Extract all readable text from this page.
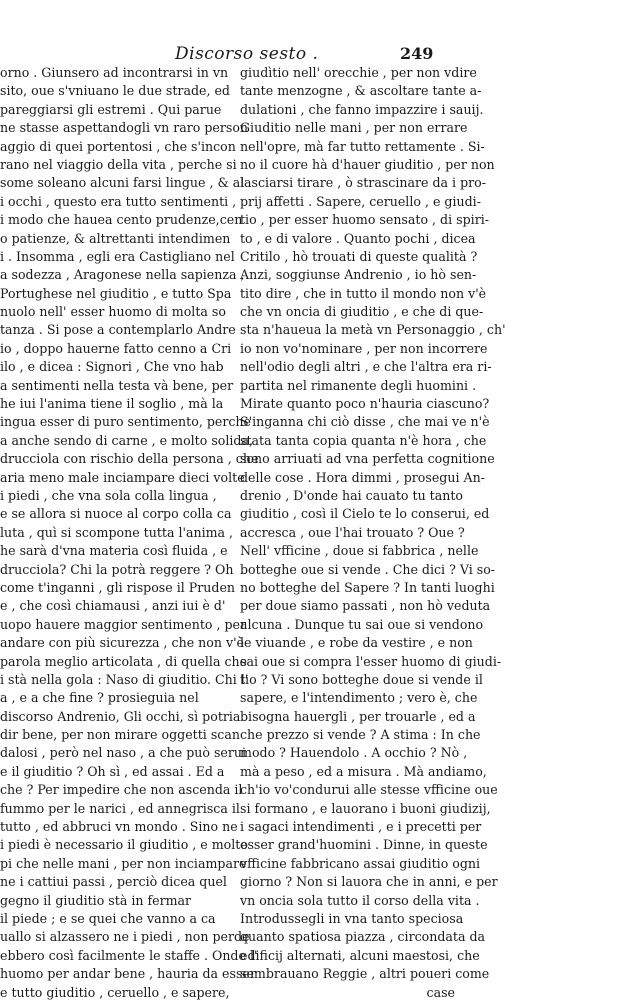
Discorso sesto .	249
orno . Giunsero ad incontrarsi in vn
sito, oue s'vniuano le due strade, ed
pareggiarsi gli estremi . Qui parue
ne stasse aspettandogli vn raro person
aggio di quei portentosi , che s'incon
rano nel viaggio della vita , perche si
some soleano alcuni farsi lingue , & al
i occhi , questo era tutto sentimenti ,
i modo che hauea cento prudenze,cen
o patienze, & altrettanti intendimen
i . Insomma , egli era Castigliano nel
a sodezza , Aragonese nella sapienza ,
Portughese nel giuditio , e tutto Spa
nuolo nell' esser huomo di molta so
tanza . Si pose a contemplarlo Andre
io , doppo hauerne fatto cenno a Cri
ilo , e dicea : Signori , Che vno hab
a sentimenti nella testa và bene, per
he iui l'anima tiene il soglio , mà la
ingua esser di puro sentimento, perche
a anche sendo di carne , e molto solida,
drucciola con rischio della persona , che
aria meno male inciampare dieci volte
i piedi , che vna sola colla lingua ,
e se allora si nuoce al corpo colla ca
luta , quì si scompone tutta l'anima ,
he sarà d'vna materia così fluida , e
drucciola? Chi la potrà reggere ? Oh
come t'inganni , gli rispose il Pruden
e , che così chiamausi , anzi iui è d'
uopo hauere maggior sentimento , per
andare con più sicurezza , che non v'è
parola meglio articolata , di quella che
i stà nella gola : Naso di giuditio. Chi l'
a , e a che fine ? prosieguia nel
discorso Andrenio, Gli occhi, sì potria
dir bene, per non mirare oggetti scan
dalosi , però nel naso , a che può serui
e il giuditio ? Oh sì , ed assai . Ed a
che ? Per impedire che non ascenda il
fummo per le narici , ed annegrisca il
tutto , ed abbruci vn mondo . Sino ne
i piedi è necessario il giuditio , e molto
pi che nelle mani , per non inciampare
ne i cattiui passi , perciò dicea quel
gegno il giuditio stà in fermar
il piede ; e se quei che vanno a ca
uallo si alzassero ne i piedi , non perde
ebbero così facilmente le staffe . Onde l'
huomo per andar bene , hauria da esser
e tutto giuditio , ceruello , e sapere,
giudìtio nell' orecchie , per non vdire
tante menzogne , & ascoltare tante a-
dulationi , che fanno impazzire i sauij.
Giuditio nelle mani , per non errare
nell'opre, mà far tutto rettamente . Si-
no il cuore hà d'hauer giuditio , per non
lasciarsi tirare , ò strascinare da i pro-
prij affetti . Sapere, ceruello , e giudi-
tio , per esser huomo sensato , di spiri-
to , e di valore . Quanto pochi , dicea
Critilo , hò trouati di queste qualità ?
Anzi, soggiunse Andrenio , io hò sen-
tito dire , che in tutto il mondo non v'è
che vn oncia di giuditio , e che di que-
sta n'haueua la metà vn Personaggio , ch'
io non vo'nominare , per non incorrere
nell'odio degli altri , e che l'altra era ri-
partita nel rimanente degli huomini .
Mirate quanto poco n'hauria ciascuno?
S'inganna chi ciò disse , che mai ve n'è
stata tanta copia quanta n'è hora , che
sono arriuati ad vna perfetta cognitione
delle cose . Hora dimmi , prosegui An-
drenio , D'onde hai cauato tu tanto
giuditio , così il Cielo te lo conserui, ed
accresca , oue l'hai trouato ? Oue ?
Nell' vfficine , doue si fabbrica , nelle
botteghe oue si vende . Che dici ? Vi so-
no botteghe del Sapere ? In tanti luoghi
per doue siamo passati , non hò veduta
alcuna . Dunque tu sai oue si vendono
le viuande , e robe da vestire , e non
sai oue si compra l'esser huomo di giudi-
tio ? Vi sono botteghe doue si vende il
sapere, e l'intendimento ; vero è, che
bisogna hauergli , per trouarle , ed a
che prezzo si vende ? A stima : In che
modo ? Hauendolo . A occhio ? Nò ,
mà a peso , ed a misura . Mà andiamo,
ch'io vo'condurui alle stesse vfficine oue
si formano , e lauorano i buoni giudizij,
i sagaci intendimenti , e i precetti per
esser grand'huomini . Dinne, in queste
vfficine fabbricano assai giuditio ogni
giorno ? Non si lauora che in anni, e per
vn oncia sola tutto il corso della vita .
Introdussegli in vna tanto speciosa
quanto spatiosa piazza , circondata da
edificij alternati, alcuni maestosi, che
sembrauano Reggie , altri poueri come
case
